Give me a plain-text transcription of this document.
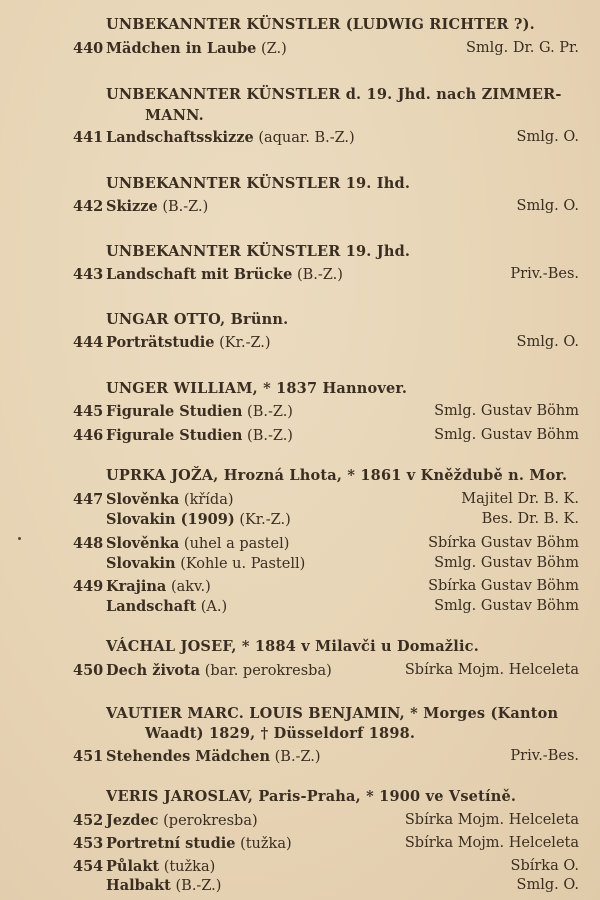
UNBEKANNTER KÜNSTLER (LUDWIG RICHTER ?).
440 Mädchen in Laube (Z.)	Smlg. Dr. G. Pr.
UNBEKANNTER KÜNSTLER d. 19. Jhd. nach ZIMMER-
MANN.
441 Landschaftsskizze (aquar. B.-Z.)	Smlg. O.
UNBEKANNTER KÜNSTLER 19. Ihd.
442 Skizze (B.-Z.)	Smlg. O.
UNBEKANNTER KÜNSTLER 19. Jhd.
443 Landschaft mit Brücke (B.-Z.)	Priv.-Bes.
UNGAR OTTO, Brünn.
444 Porträtstudie (Kr.-Z.)	Smlg. O.
UNGER WILLIAM, * 1837 Hannover.
445 Figurale Studien (B.-Z.)	Smlg. Gustav Böhm
446 Figurale Studien (B.-Z.)	Smlg. Gustav Böhm
UPRKA JOŽA, Hrozná Lhota, * 1861 v Kněždubě n. Mor.
447 Slověnka (křída)	Majitel Dr. B. K.
Slovakin (1909) (Kr.-Z.)	Bes. Dr. B. K.
448 Slověnka (uhel a pastel)	Sbírka Gustav Böhm
Slovakin (Kohle u. Pastell)	Smlg. Gustav Böhm
449 Krajina (akv.)	Sbírka Gustav Böhm
Landschaft (A.)	Smlg. Gustav Böhm
VÁCHAL JOSEF, * 1884 v Milavči u Domažlic.
450 Dech života (bar. perokresba)	Sbírka Mojm. Helceleta
VAUTIER MARC. LOUIS BENJAMIN, * Morges (Kanton
Waadt) 1829, † Düsseldorf 1898.
451 Stehendes Mädchen (B.-Z.)	Priv.-Bes.
VERIS JAROSLAV, Paris-Praha, * 1900 ve Vsetíně.
452 Jezdec (perokresba)	Sbírka Mojm. Helceleta
453 Portretní studie (tužka)	Sbírka Mojm. Helceleta
454 Půlakt (tužka)	Sbírka O.
Halbakt (B.-Z.)	Smlg. O.
